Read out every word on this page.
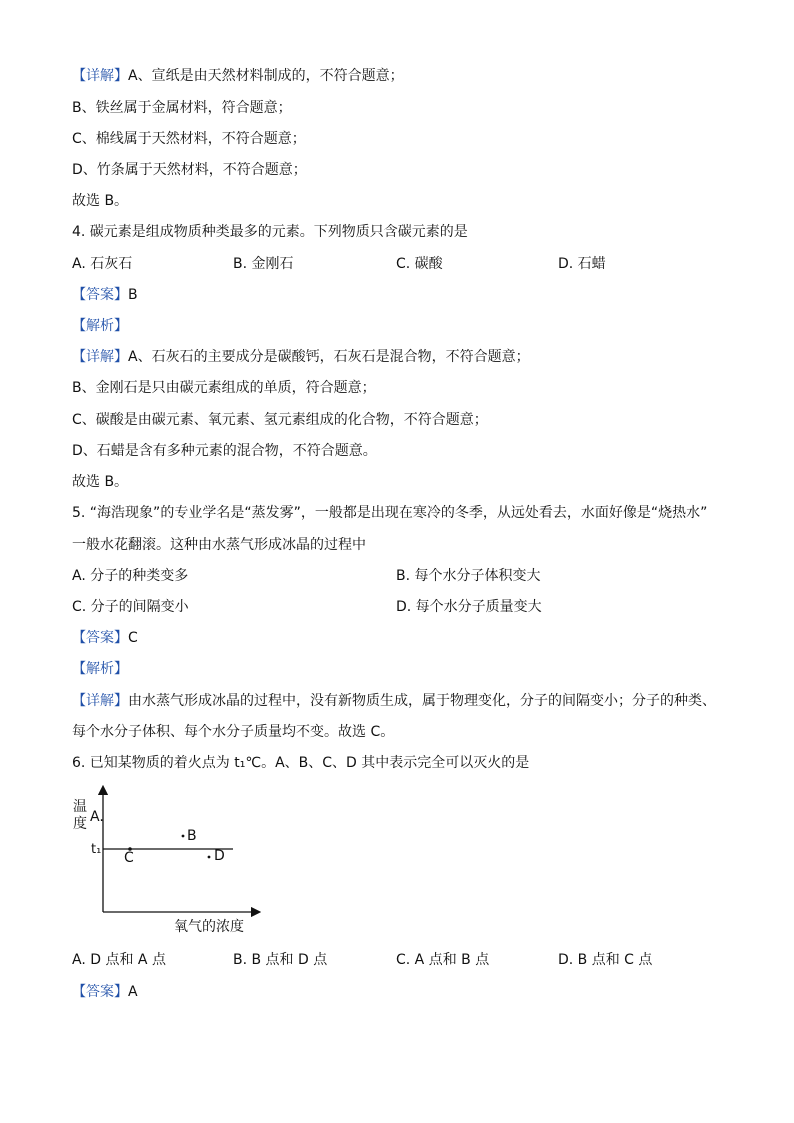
【详解】A、宣纸是由天然材料制成的，不符合题意；
B、铁丝属于金属材料，符合题意；
C、棉线属于天然材料，不符合题意；
D、竹条属于天然材料，不符合题意；
故选 B。
4. 碳元素是组成物质种类最多的元素。下列物质只含碳元素的是
A. 石灰石	B. 金刚石	C. 碳酸	D. 石蜡
【答案】B
【解析】
【详解】A、石灰石的主要成分是碳酸钙，石灰石是混合物，不符合题意；
B、金刚石是只由碳元素组成的单质，符合题意；
C、碳酸是由碳元素、氧元素、氢元素组成的化合物，不符合题意；
D、石蜡是含有多种元素的混合物，不符合题意。
故选 B。
5. “海浩现象”的专业学名是“蒸发雾”，一般都是出现在寒冷的冬季，从远处看去，水面好像是“烧热水”
一般水花翻滚。这种由水蒸气形成冰晶的过程中
A. 分子的种类变多	B. 每个水分子体积变大
C. 分子的间隔变小	D. 每个水分子质量变大
【答案】C
【解析】
【详解】由水蒸气形成冰晶的过程中，没有新物质生成，属于物理变化，分子的间隔变小；分子的种类、
每个水分子体积、每个水分子质量均不变。故选 C。
6. 已知某物质的着火点为 t₁℃。A、B、C、D 其中表示完全可以灭火的是
温
度 A.
t₁
B
C	D
氧气的浓度
A. D 点和 A 点	B. B 点和 D 点	C. A 点和 B 点	D. B 点和 C 点
【答案】A
